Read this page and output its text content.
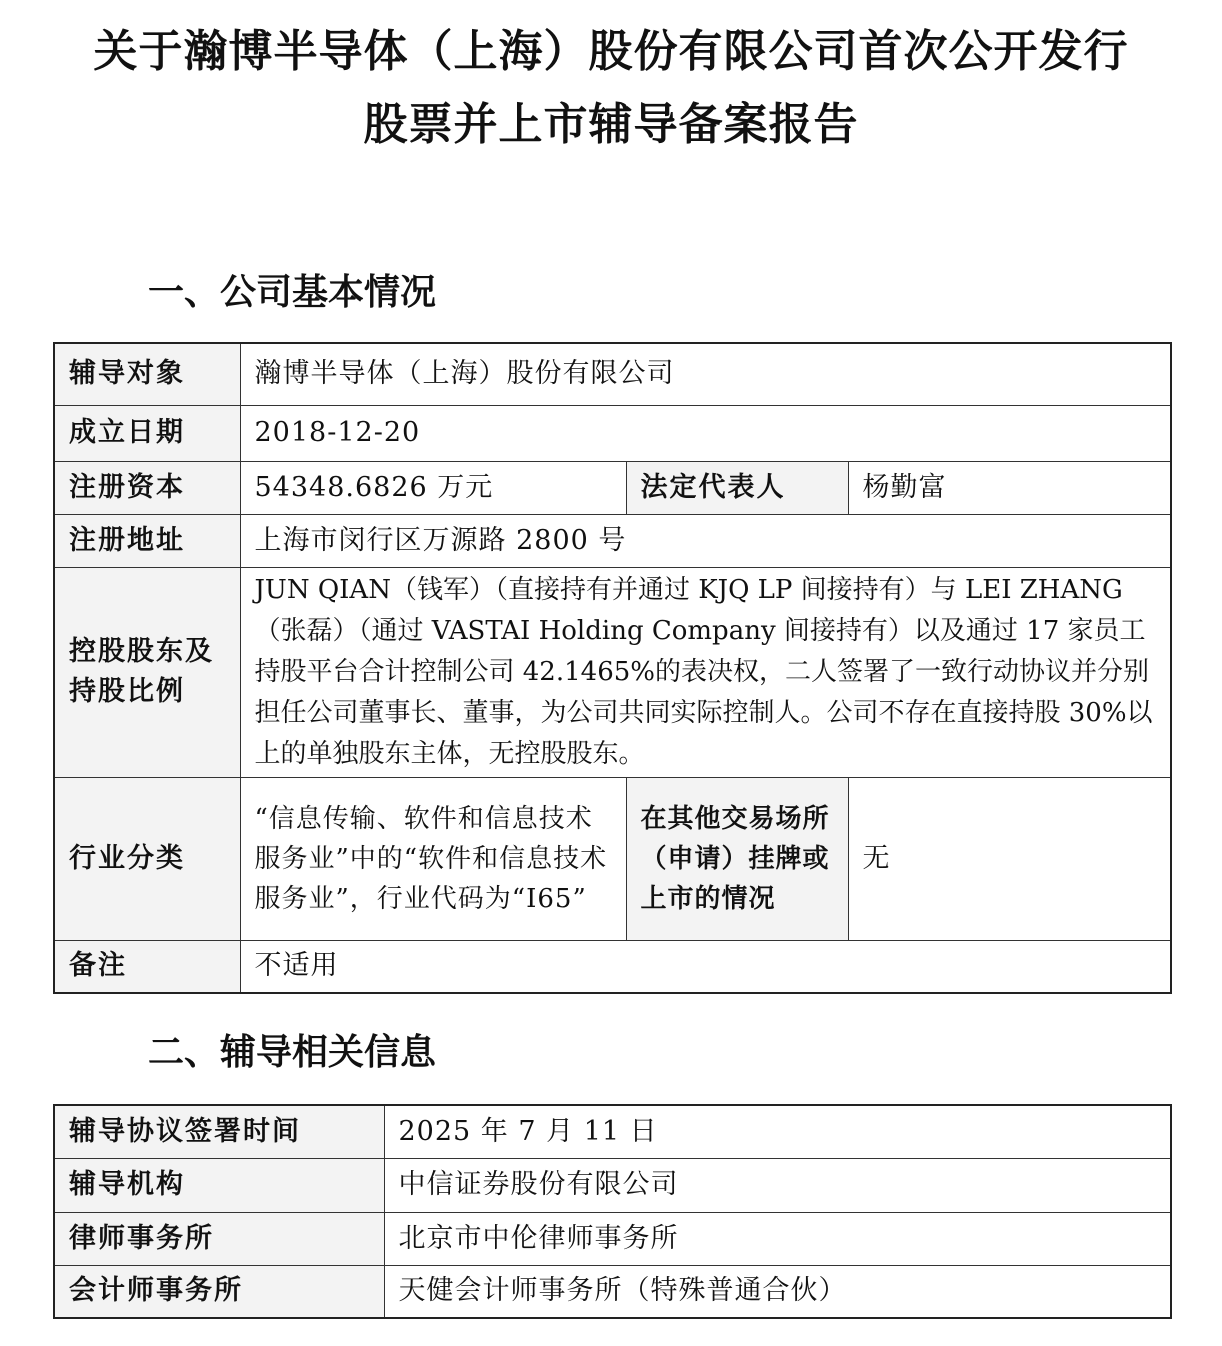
关于瀚博半导体（上海）股份有限公司首次公开发行
股票并上市辅导备案报告
一、公司基本情况
辅导对象	瀚博半导体（上海）股份有限公司		
成立日期	2018-12-20		
注册资本	54348.6826 万元	法定代表人	杨勤富
注册地址	上海市闵行区万源路 2800 号		
控股股东及持股比例	JUN QIAN（钱军）（直接持有并通过 KJQ LP 间接持有）与 LEI ZHANG（张磊）（通过 VASTAI Holding Company 间接持有）以及通过 17 家员工持股平台合计控制公司 42.1465%的表决权，二人签署了一致行动协议并分别担任公司董事长、董事，为公司共同实际控制人。公司不存在直接持股 30%以上的单独股东主体，无控股股东。		
行业分类	“信息传输、软件和信息技术服务业”中的“软件和信息技术服务业”，行业代码为“I65”	在其他交易场所（申请）挂牌或上市的情况	无
备注	不适用		
二、辅导相关信息
辅导协议签署时间	2025 年 7 月 11 日
辅导机构	中信证券股份有限公司
律师事务所	北京市中伦律师事务所
会计师事务所	天健会计师事务所（特殊普通合伙）
